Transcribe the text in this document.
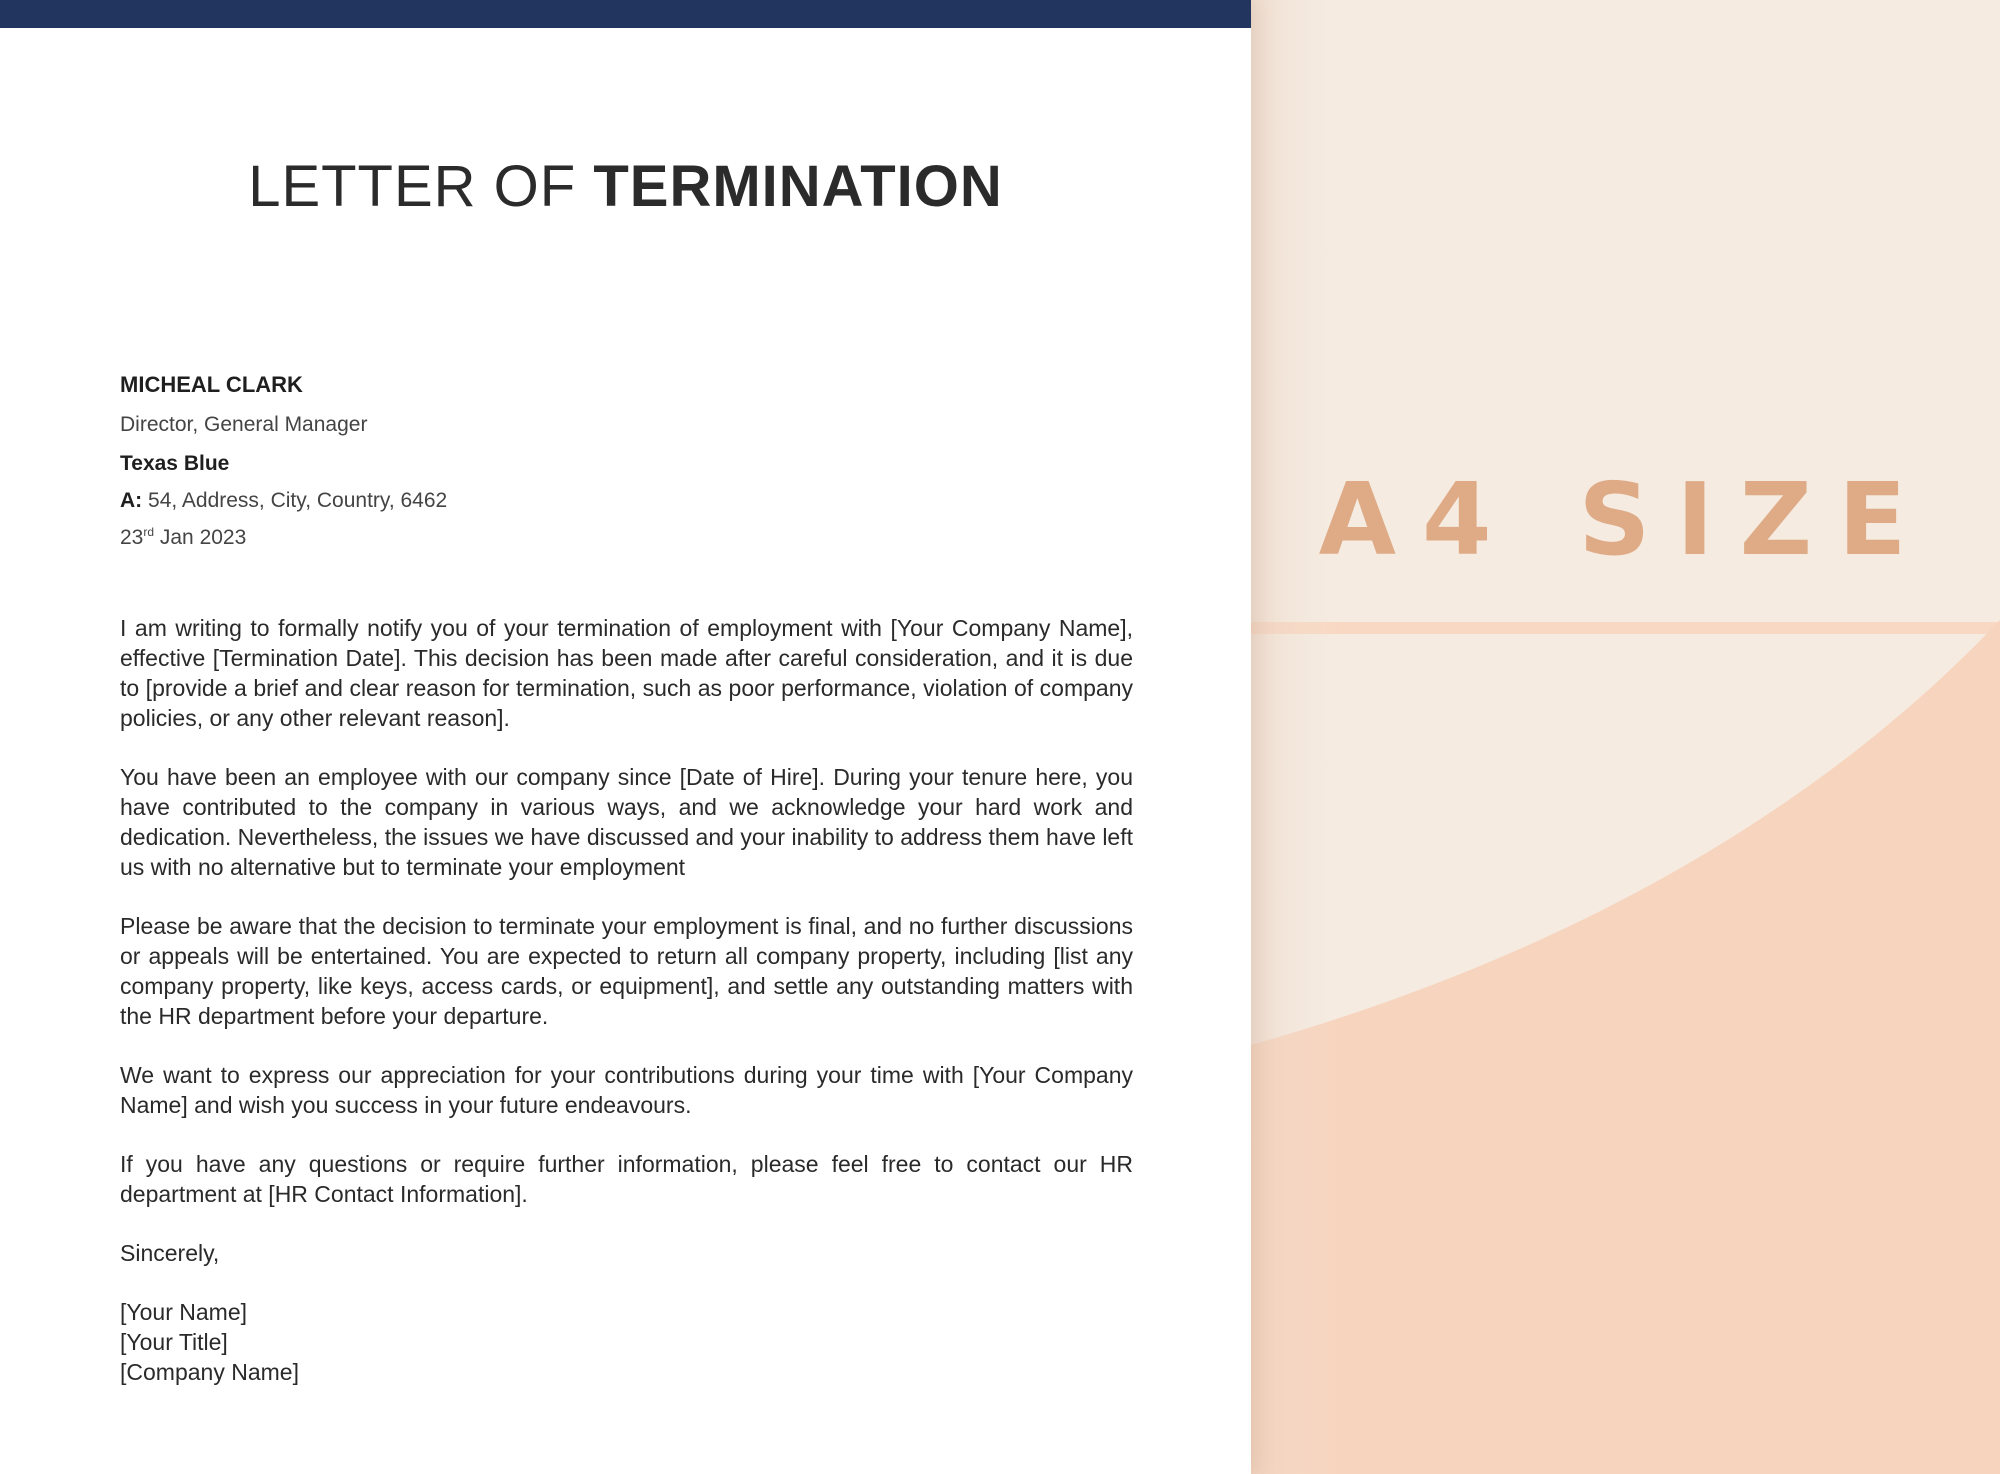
A4 SIZE
LETTER OF TERMINATION
MICHEAL CLARK
Director, General Manager
Texas Blue
A: 54, Address, City, Country, 6462
23rd Jan 2023

I am writing to formally notify you of your termination of employment with [Your Company Name], effective [Termination Date]. This decision has been made after careful consideration, and it is due to [provide a brief and clear reason for termination, such as poor performance, violation of company policies, or any other relevant reason].

You have been an employee with our company since [Date of Hire]. During your tenure here, you have contributed to the company in various ways, and we acknowledge your hard work and dedication. Nevertheless, the issues we have discussed and your inability to address them have left us with no alternative but to terminate your employment

Please be aware that the decision to terminate your employment is final, and no further discussions or appeals will be entertained. You are expected to return all company property, including [list any company property, like keys, access cards, or equipment], and settle any outstanding matters with the HR department before your departure.

We want to express our appreciation for your contributions during your time with [Your Company Name] and wish you success in your future endeavours.

If you have any questions or require further information, please feel free to contact our HR department at [HR Contact Information].

Sincerely,
[Your Name]
[Your Title]
[Company Name]
